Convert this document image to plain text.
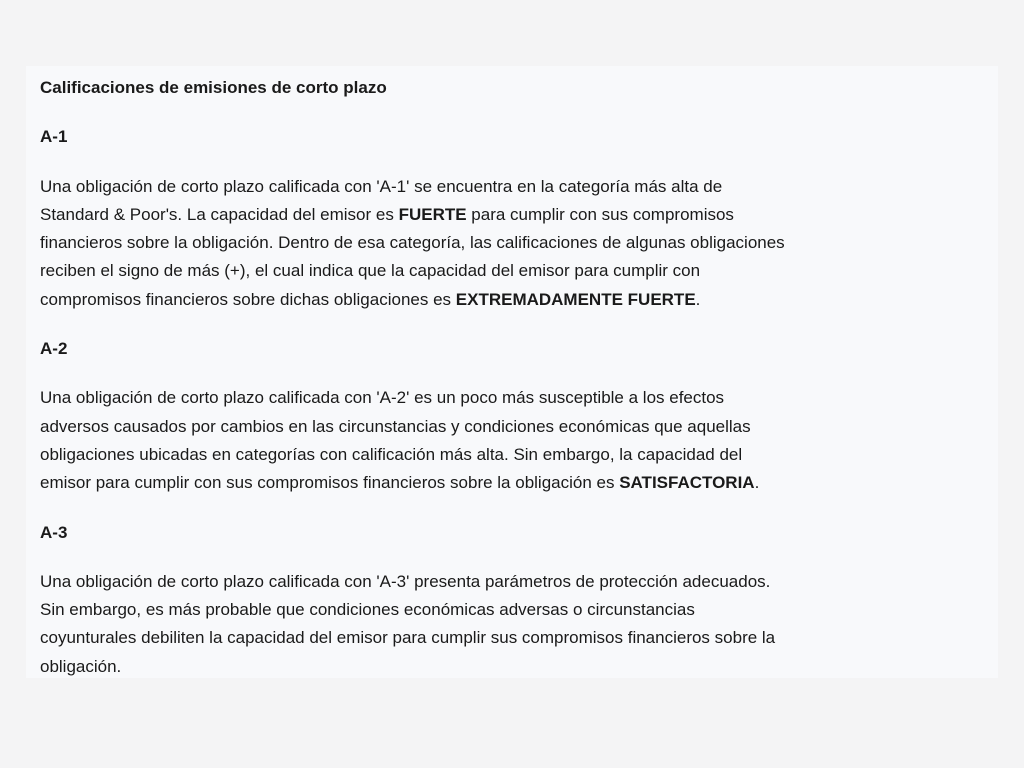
Calificaciones de emisiones de corto plazo
A-1
Una obligación de corto plazo calificada con 'A-1' se encuentra en la categoría más alta de
Standard & Poor's. La capacidad del emisor es FUERTE para cumplir con sus compromisos
financieros sobre la obligación. Dentro de esa categoría, las calificaciones de algunas obligaciones
reciben el signo de más (+), el cual indica que la capacidad del emisor para cumplir con
compromisos financieros sobre dichas obligaciones es EXTREMADAMENTE FUERTE.
A-2
Una obligación de corto plazo calificada con 'A-2' es un poco más susceptible a los efectos
adversos causados por cambios en las circunstancias y condiciones económicas que aquellas
obligaciones ubicadas en categorías con calificación más alta. Sin embargo, la capacidad del
emisor para cumplir con sus compromisos financieros sobre la obligación es SATISFACTORIA.
A-3
Una obligación de corto plazo calificada con 'A-3' presenta parámetros de protección adecuados.
Sin embargo, es más probable que condiciones económicas adversas o circunstancias
coyunturales debiliten la capacidad del emisor para cumplir sus compromisos financieros sobre la
obligación.
